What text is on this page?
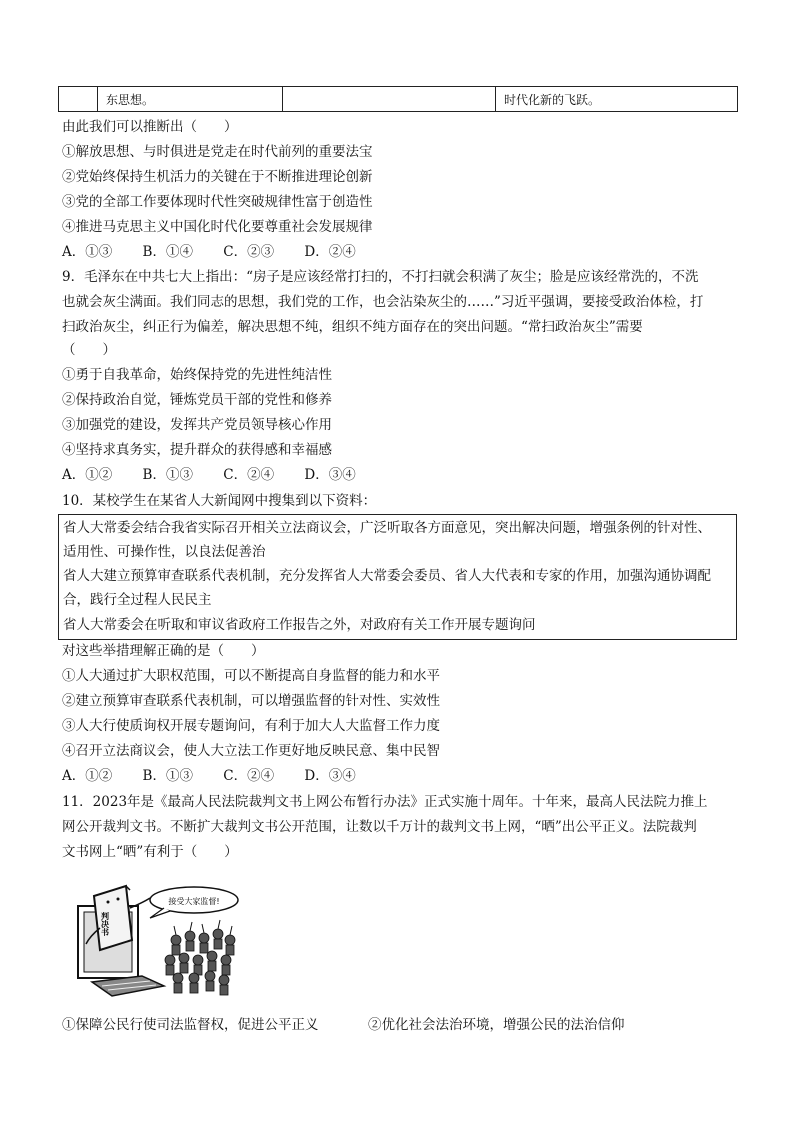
	东思想。		时代化新的飞跃。
由此我们可以推断出（　　）
①解放思想、与时俱进是党走在时代前列的重要法宝
②党始终保持生机活力的关键在于不断推进理论创新
③党的全部工作要体现时代性突破规律性富于创造性
④推进马克思主义中国化时代化要尊重社会发展规律
A．①③ B．①④ C．②③ D．②④
9．毛泽东在中共七大上指出：“房子是应该经常打扫的，不打扫就会积满了灰尘；脸是应该经常洗的，不洗
也就会灰尘满面。我们同志的思想，我们党的工作，也会沾染灰尘的……”习近平强调，要接受政治体检，打
扫政治灰尘，纠正行为偏差，解决思想不纯，组织不纯方面存在的突出问题。“常扫政治灰尘”需要
（　　）
①勇于自我革命，始终保持党的先进性纯洁性
②保持政治自觉，锤炼党员干部的党性和修养
③加强党的建设，发挥共产党员领导核心作用
④坚持求真务实，提升群众的获得感和幸福感
A．①② B．①③ C．②④ D．③④
10．某校学生在某省人大新闻网中搜集到以下资料：
省人大常委会结合我省实际召开相关立法商议会，广泛听取各方面意见，突出解决问题，增强条例的针对性、
适用性、可操作性，以良法促善治
省人大建立预算审查联系代表机制，充分发挥省人大常委会委员、省人大代表和专家的作用，加强沟通协调配
合，践行全过程人民民主
省人大常委会在听取和审议省政府工作报告之外，对政府有关工作开展专题询问
对这些举措理解正确的是（　　）
①人大通过扩大职权范围，可以不断提高自身监督的能力和水平
②建立预算审查联系代表机制，可以增强监督的针对性、实效性
③人大行使质询权开展专题询问，有利于加大人大监督工作力度
④召开立法商议会，使人大立法工作更好地反映民意、集中民智
A．①② B．①③ C．②④ D．③④
11．2023年是《最高人民法院裁判文书上网公布暂行办法》正式实施十周年。十年来，最高人民法院力推上
网公开裁判文书。不断扩大裁判文书公开范围，让数以千万计的裁判文书上网，“晒”出公平正义。法院裁判
文书网上“晒”有利于（　　）
判决书
接受大家监督!
①保障公民行使司法监督权，促进公平正义	②优化社会法治环境，增强公民的法治信仰
